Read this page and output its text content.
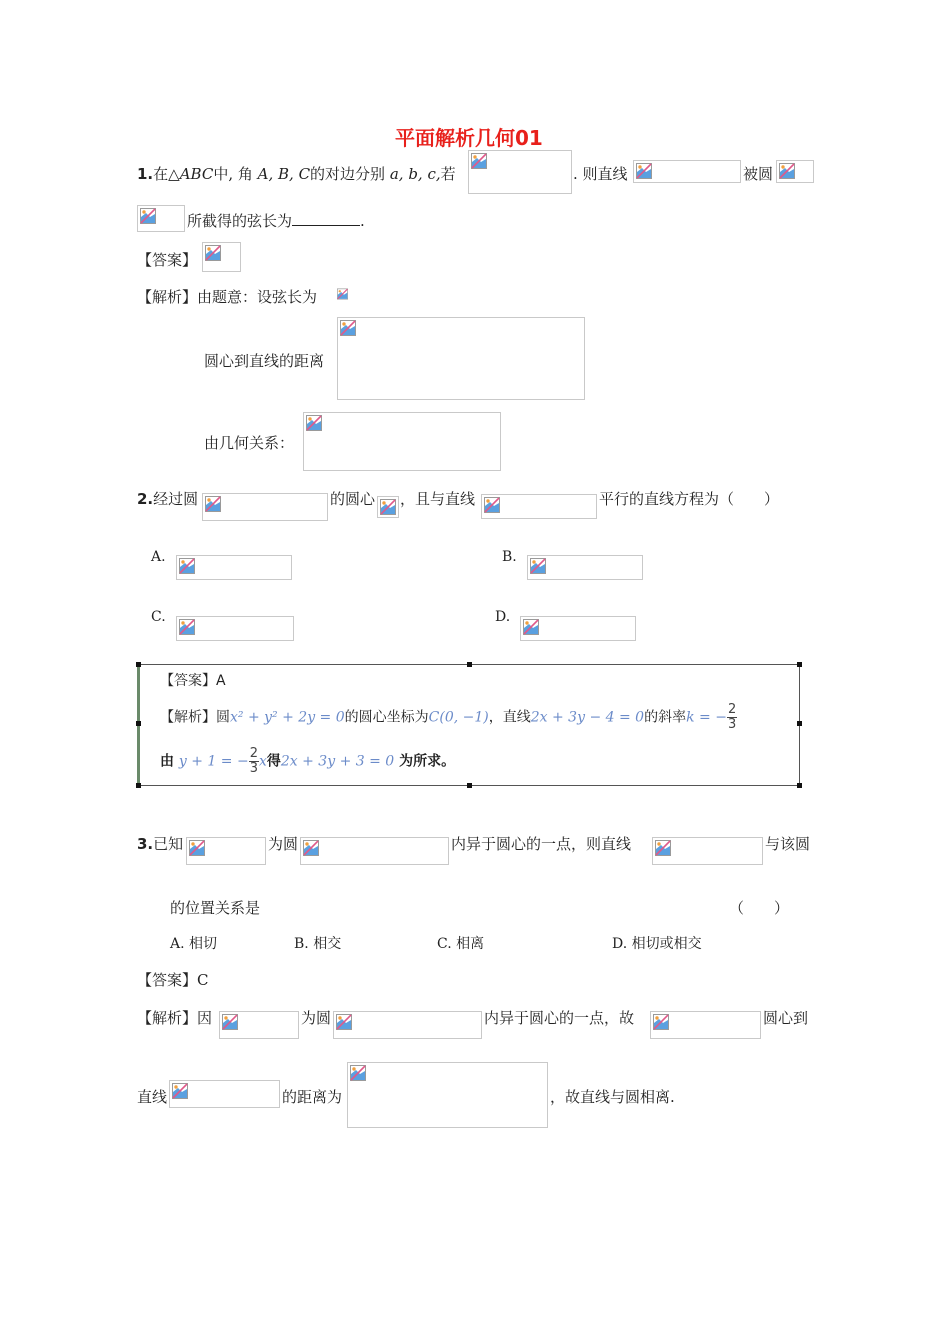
平面解析几何01
1.在△ABC中, 角 A, B, C的对边分别 a, b, c,若	. 则直线	被圆
所截得的弦长为	.
【答案】
【解析】由题意：设弦长为
圆心到直线的距离
由几何关系：
2.经过圆	的圆心 ，且与直线	平行的直线方程为（　　）
A.	B.
C.	D.
【答案】A
【解析】圆x² + y² + 2y = 0的圆心坐标为C(0, −1)，直线2x + 3y − 4 = 0的斜率k = − $\frac{2}{3}$
由 y + 1 = − $\frac{2}{3}$ x得2x + 3y + 3 = 0 为所求。
3.已知	为圆	内异于圆心的一点，则直线	与该圆
的位置关系是	（　　）
A. 相切	B. 相交	C. 相离	D. 相切或相交
【答案】C
【解析】因	为圆	内异于圆心的一点，故	圆心到
直线	的距离为	，故直线与圆相离.
